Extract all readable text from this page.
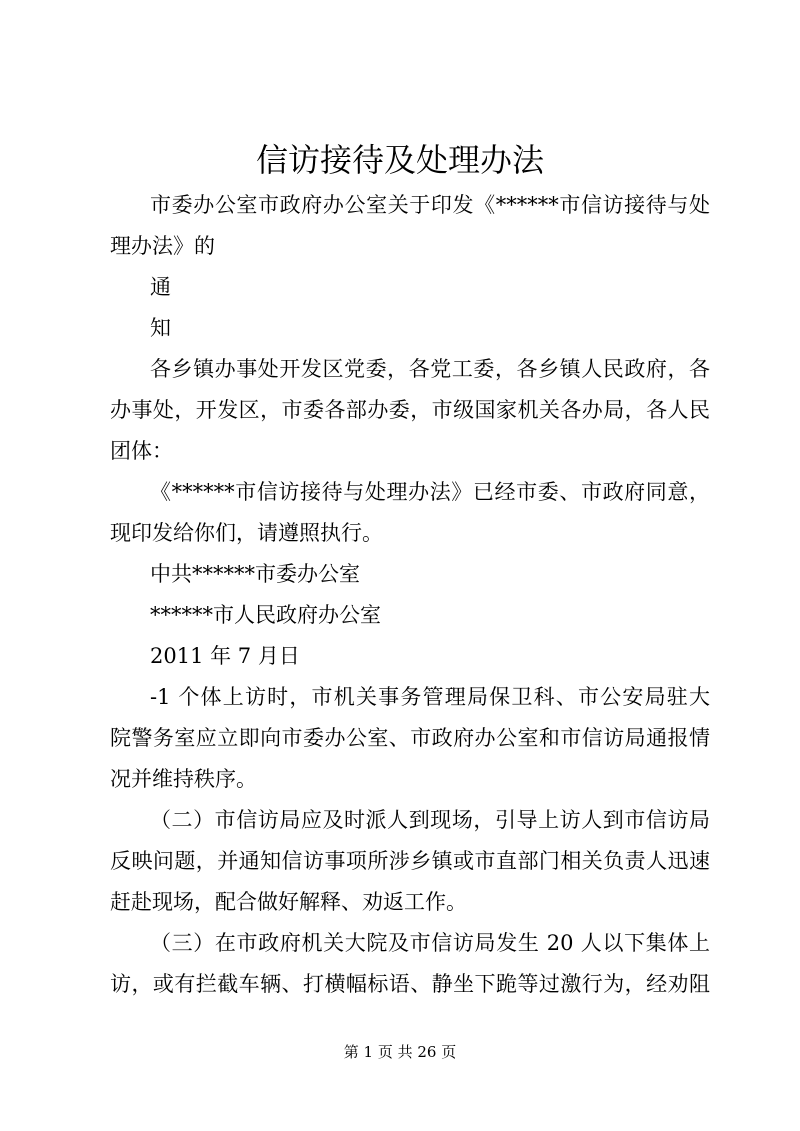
信访接待及处理办法
市委办公室市政府办公室关于印发《******市信访接待与处
理办法》的
通
知
各乡镇办事处开发区党委，各党工委，各乡镇人民政府，各
办事处，开发区，市委各部办委，市级国家机关各办局，各人民
团体：
《******市信访接待与处理办法》已经市委、市政府同意，
现印发给你们，请遵照执行。
中共******市委办公室
******市人民政府办公室
2011 年 7 月日
-1 个体上访时，市机关事务管理局保卫科、市公安局驻大
院警务室应立即向市委办公室、市政府办公室和市信访局通报情
况并维持秩序。
（二）市信访局应及时派人到现场，引导上访人到市信访局
反映问题，并通知信访事项所涉乡镇或市直部门相关负责人迅速
赶赴现场，配合做好解释、劝返工作。
（三）在市政府机关大院及市信访局发生 20 人以下集体上
访，或有拦截车辆、打横幅标语、静坐下跪等过激行为，经劝阻
第 1 页 共 26 页
